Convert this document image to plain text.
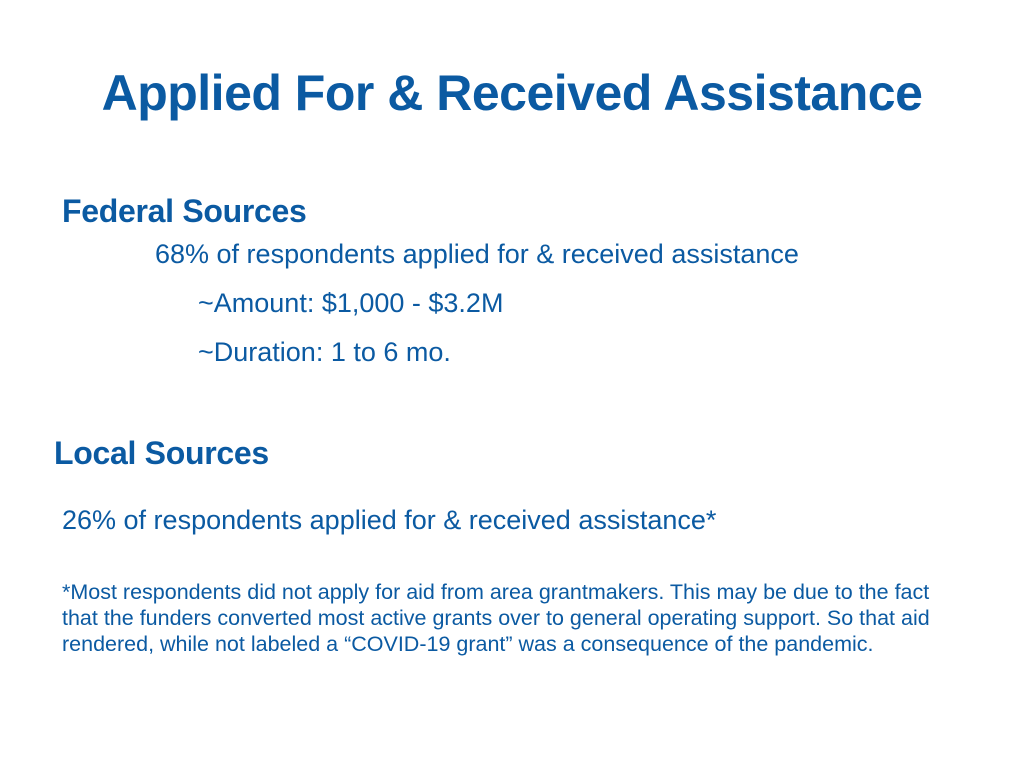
Applied For & Received Assistance
Federal Sources

68% of respondents applied for & received assistance

~Amount: $1,000 - $3.2M

~Duration: 1 to 6 mo.

Local Sources

26% of respondents applied for & received assistance*

*Most respondents did not apply for aid from area grantmakers. This may be due to the fact that the funders converted most active grants over to general operating support. So that aid rendered, while not labeled a “COVID-19 grant” was a consequence of the pandemic.
